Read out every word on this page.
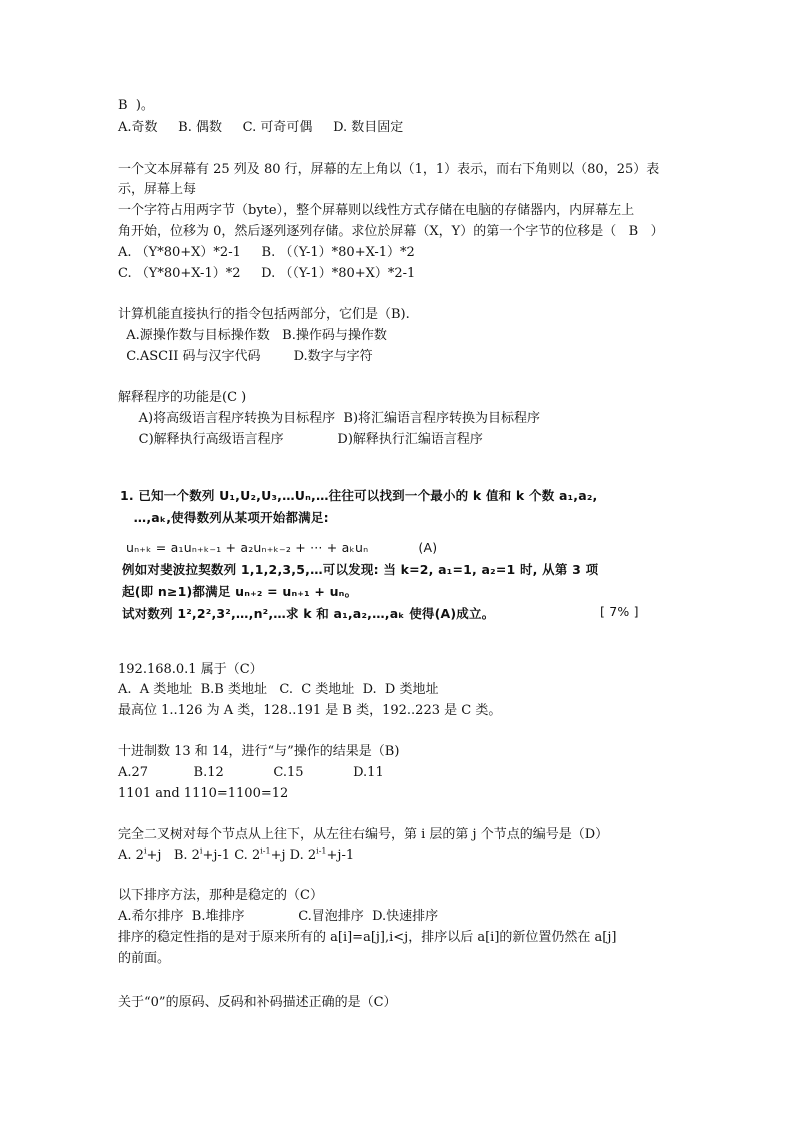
B  )。
A.奇数     B. 偶数     C. 可奇可偶     D. 数目固定
一个文本屏幕有 25 列及 80 行，屏幕的左上角以（1，1）表示，而右下角则以（80，25）表
示，屏幕上每
一个字符占用两字节（byte），整个屏幕则以线性方式存储在电脑的存储器内，内屏幕左上
角开始，位移为 0，然后逐列逐列存储。求位於屏幕（X，Y）的第一个字节的位移是（   B   ）
A. （Y*80+X）*2-1     B. （（Y-1）*80+X-1）*2
C. （Y*80+X-1）*2     D. （（Y-1）*80+X）*2-1
计算机能直接执行的指令包括两部分，它们是（B).
A.源操作数与目标操作数   B.操作码与操作数
C.ASCII 码与汉字代码        D.数字与字符
解释程序的功能是(C )
A)将高级语言程序转换为目标程序  B)将汇编语言程序转换为目标程序
C)解释执行高级语言程序             D)解释执行汇编语言程序
1. 已知一个数列 U₁,U₂,U₃,…Uₙ,…往往可以找到一个最小的 k 值和 k 个数 a₁,a₂,
…,aₖ,使得数列从某项开始都满足:
uₙ₊ₖ = a₁uₙ₊ₖ₋₁ + a₂uₙ₊ₖ₋₂ + ··· + aₖuₙ            (A)
例如对斐波拉契数列 1,1,2,3,5,…可以发现: 当 k=2, a₁=1, a₂=1 时, 从第 3 项
起(即 n≥1)都满足 uₙ₊₂ = uₙ₊₁ + uₙ。
试对数列 1²,2²,3²,…,n²,…求 k 和 a₁,a₂,…,aₖ 使得(A)成立。	[ 7% ]
192.168.0.1 属于（C）
A.  A 类地址  B.B 类地址   C.  C 类地址  D.  D 类地址
最高位 1..126 为 A 类，128..191 是 B 类，192..223 是 C 类。
十进制数 13 和 14，进行“与”操作的结果是（B)
A.27           B.12            C.15            D.11
1101 and 1110=1100=12
完全二叉树对每个节点从上往下，从左往右编号，第 i 层的第 j 个节点的编号是（D）
A. $2^i+j$   B. $2^i+j-1$ C. $2^{i-1}+j$ D. $2^{i-1}+j-1$
以下排序方法，那种是稳定的（C）
A.希尔排序  B.堆排序             C.冒泡排序  D.快速排序
排序的稳定性指的是对于原来所有的 a[i]=a[j],i<j，排序以后 a[i]的新位置仍然在 a[j]
的前面。
关于“0”的原码、反码和补码描述正确的是（C）
